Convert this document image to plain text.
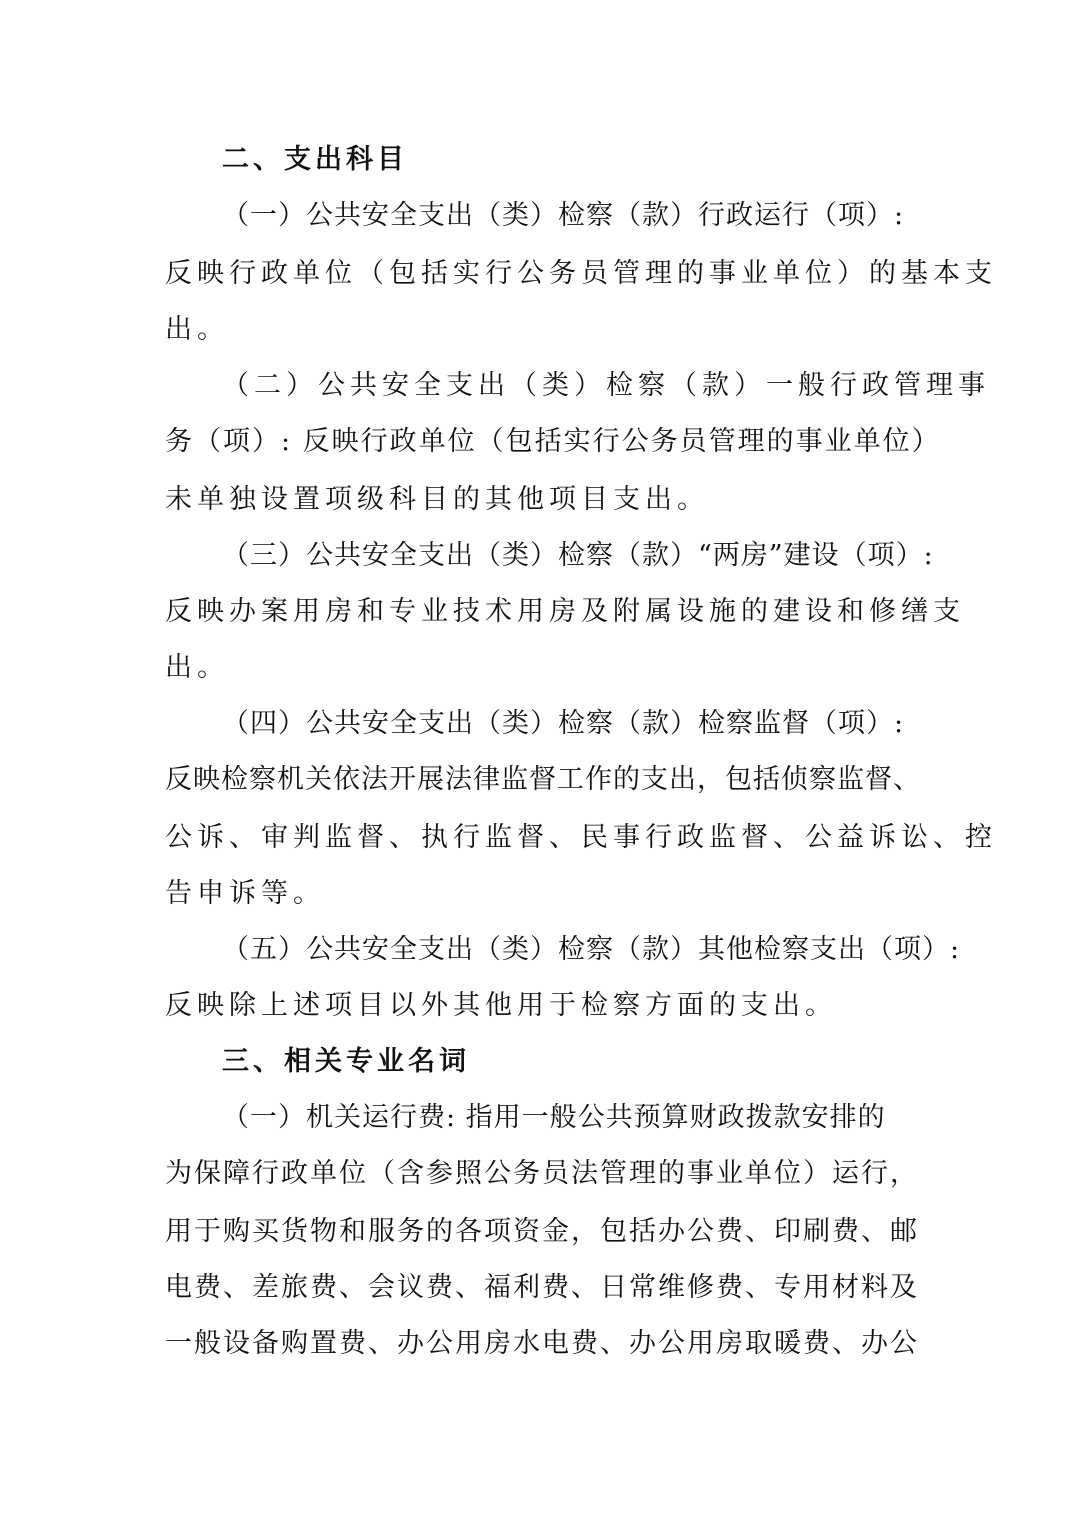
二、支出科目

（一）公共安全支出（类）检察（款）行政运行（项）:

反映行政单位（包括实行公务员管理的事业单位）的基本支

出。

（二）公共安全支出（类）检察（款）一般行政管理事

务（项）: 反映行政单位（包括实行公务员管理的事业单位）

未单独设置项级科目的其他项目支出。

（三）公共安全支出（类）检察（款）“两房”建设（项）:

反映办案用房和专业技术用房及附属设施的建设和修缮支

出。

（四）公共安全支出（类）检察（款）检察监督（项）:

反映检察机关依法开展法律监督工作的支出，包括侦察监督、

公诉、审判监督、执行监督、民事行政监督、公益诉讼、控

告申诉等。

（五）公共安全支出（类）检察（款）其他检察支出（项）:

反映除上述项目以外其他用于检察方面的支出。

三、相关专业名词

（一）机关运行费: 指用一般公共预算财政拨款安排的

为保障行政单位（含参照公务员法管理的事业单位）运行，

用于购买货物和服务的各项资金，包括办公费、印刷费、邮

电费、差旅费、会议费、福利费、日常维修费、专用材料及

一般设备购置费、办公用房水电费、办公用房取暖费、办公
